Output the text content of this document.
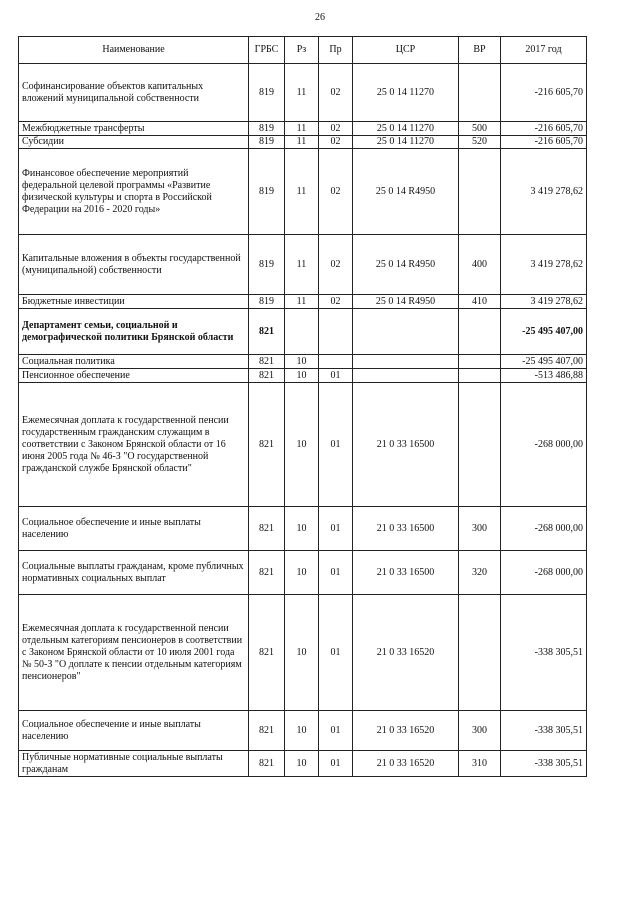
26
Наименование	ГРБС	Рз	Пр	ЦСР	ВР	2017 год
Софинансирование объектов капитальных вложений муниципальной собственности	819	11	02	25 0 14 11270		-216 605,70
Межбюджетные трансферты	819	11	02	25 0 14 11270	500	-216 605,70
Субсидии	819	11	02	25 0 14 11270	520	-216 605,70
Финансовое обеспечение мероприятий федеральной целевой программы «Развитие физической культуры и спорта в Российской Федерации на 2016 - 2020 годы»	819	11	02	25 0 14 R4950		3 419 278,62
Капитальные вложения в объекты государственной (муниципальной) собственности	819	11	02	25 0 14 R4950	400	3 419 278,62
Бюджетные инвестиции	819	11	02	25 0 14 R4950	410	3 419 278,62
Департамент семьи, социальной и демографической политики Брянской области	821					-25 495 407,00
Социальная политика	821	10				-25 495 407,00
Пенсионное обеспечение	821	10	01			-513 486,88
Ежемесячная доплата к государственной пенсии государственным гражданским служащим в соответствии с Законом Брянской области от 16 июня 2005 года № 46-З "О государственной гражданской службе Брянской области"	821	10	01	21 0 33 16500		-268 000,00
Социальное обеспечение и иные выплаты населению	821	10	01	21 0 33 16500	300	-268 000,00
Социальные выплаты гражданам, кроме публичных нормативных социальных выплат	821	10	01	21 0 33 16500	320	-268 000,00
Ежемесячная доплата к государственной пенсии отдельным категориям пенсионеров в соответствии с Законом Брянской области от 10 июля 2001 года № 50-З "О доплате к пенсии отдельным категориям пенсионеров"	821	10	01	21 0 33 16520		-338 305,51
Социальное обеспечение и иные выплаты населению	821	10	01	21 0 33 16520	300	-338 305,51
Публичные нормативные социальные выплаты гражданам	821	10	01	21 0 33 16520	310	-338 305,51
